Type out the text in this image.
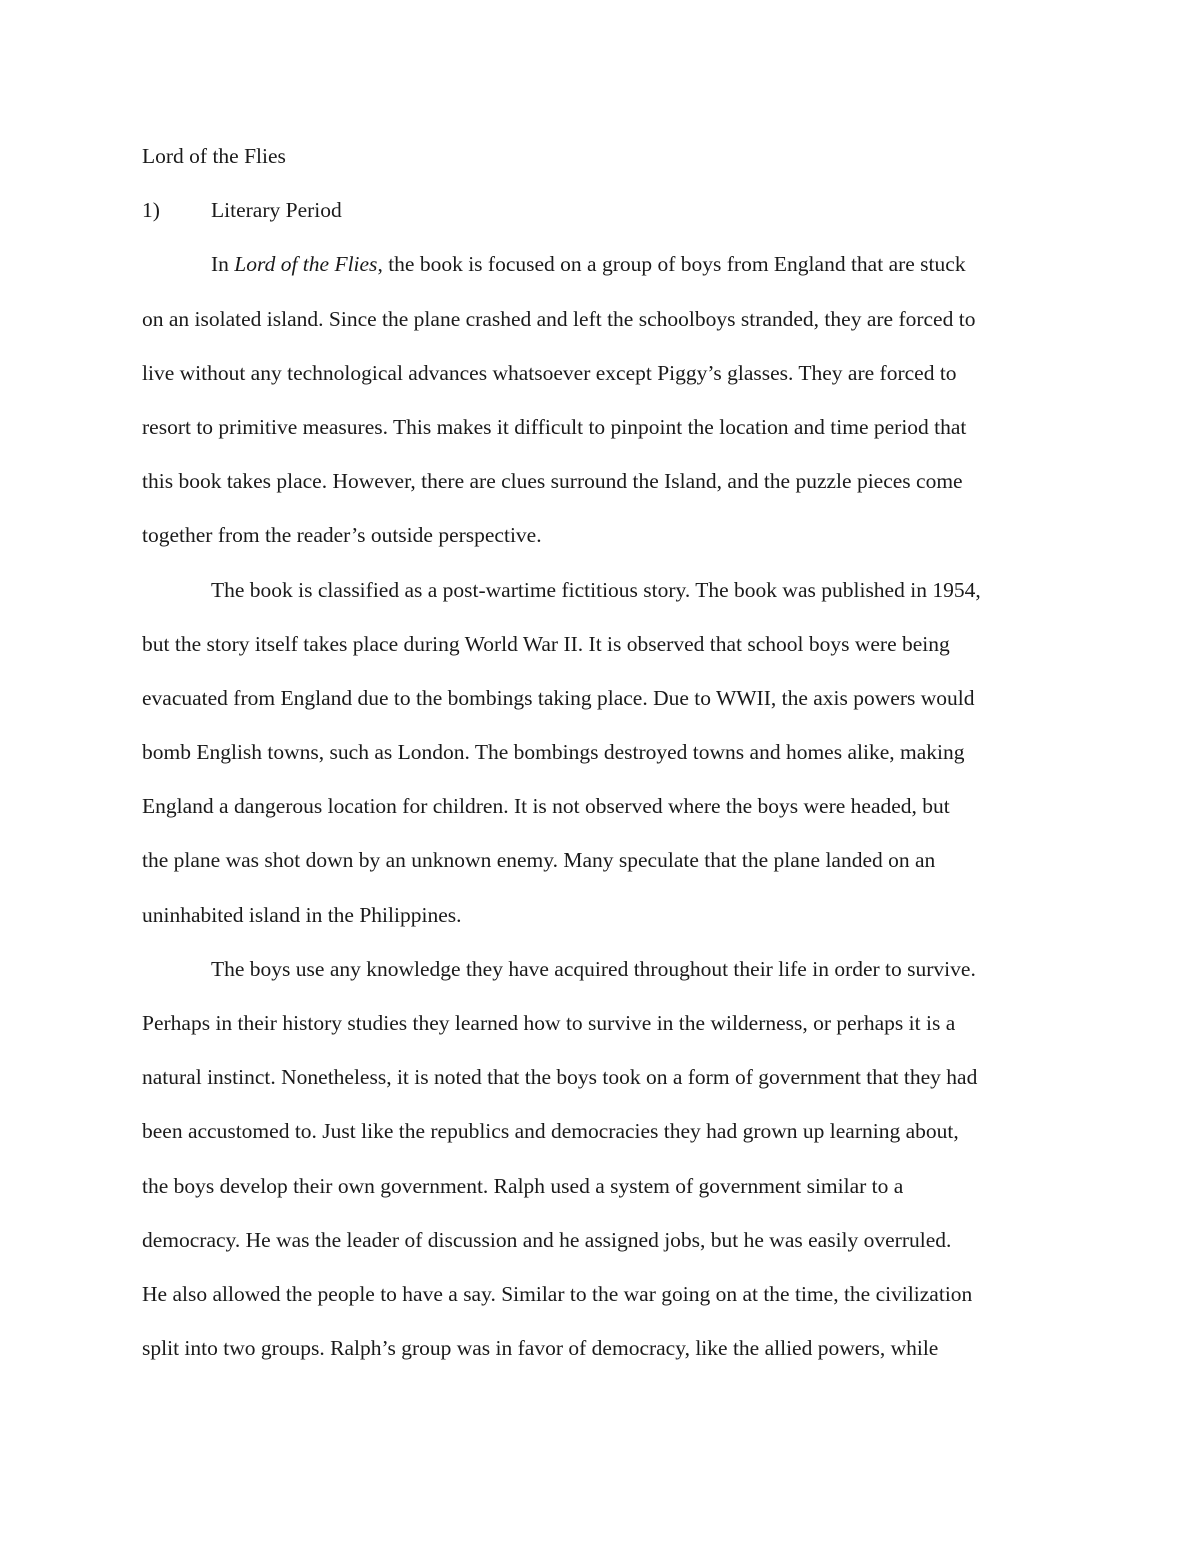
Lord of the Flies
1) Literary Period
In Lord of the Flies, the book is focused on a group of boys from England that are stuck
on an isolated island. Since the plane crashed and left the schoolboys stranded, they are forced to
live without any technological advances whatsoever except Piggy’s glasses. They are forced to
resort to primitive measures. This makes it difficult to pinpoint the location and time period that
this book takes place. However, there are clues surround the Island, and the puzzle pieces come
together from the reader’s outside perspective.
The book is classified as a post-wartime fictitious story. The book was published in 1954,
but the story itself takes place during World War II. It is observed that school boys were being
evacuated from England due to the bombings taking place. Due to WWII, the axis powers would
bomb English towns, such as London. The bombings destroyed towns and homes alike, making
England a dangerous location for children. It is not observed where the boys were headed, but
the plane was shot down by an unknown enemy. Many speculate that the plane landed on an
uninhabited island in the Philippines.
The boys use any knowledge they have acquired throughout their life in order to survive.
Perhaps in their history studies they learned how to survive in the wilderness, or perhaps it is a
natural instinct. Nonetheless, it is noted that the boys took on a form of government that they had
been accustomed to. Just like the republics and democracies they had grown up learning about,
the boys develop their own government. Ralph used a system of government similar to a
democracy. He was the leader of discussion and he assigned jobs, but he was easily overruled.
He also allowed the people to have a say. Similar to the war going on at the time, the civilization
split into two groups. Ralph’s group was in favor of democracy, like the allied powers, while
